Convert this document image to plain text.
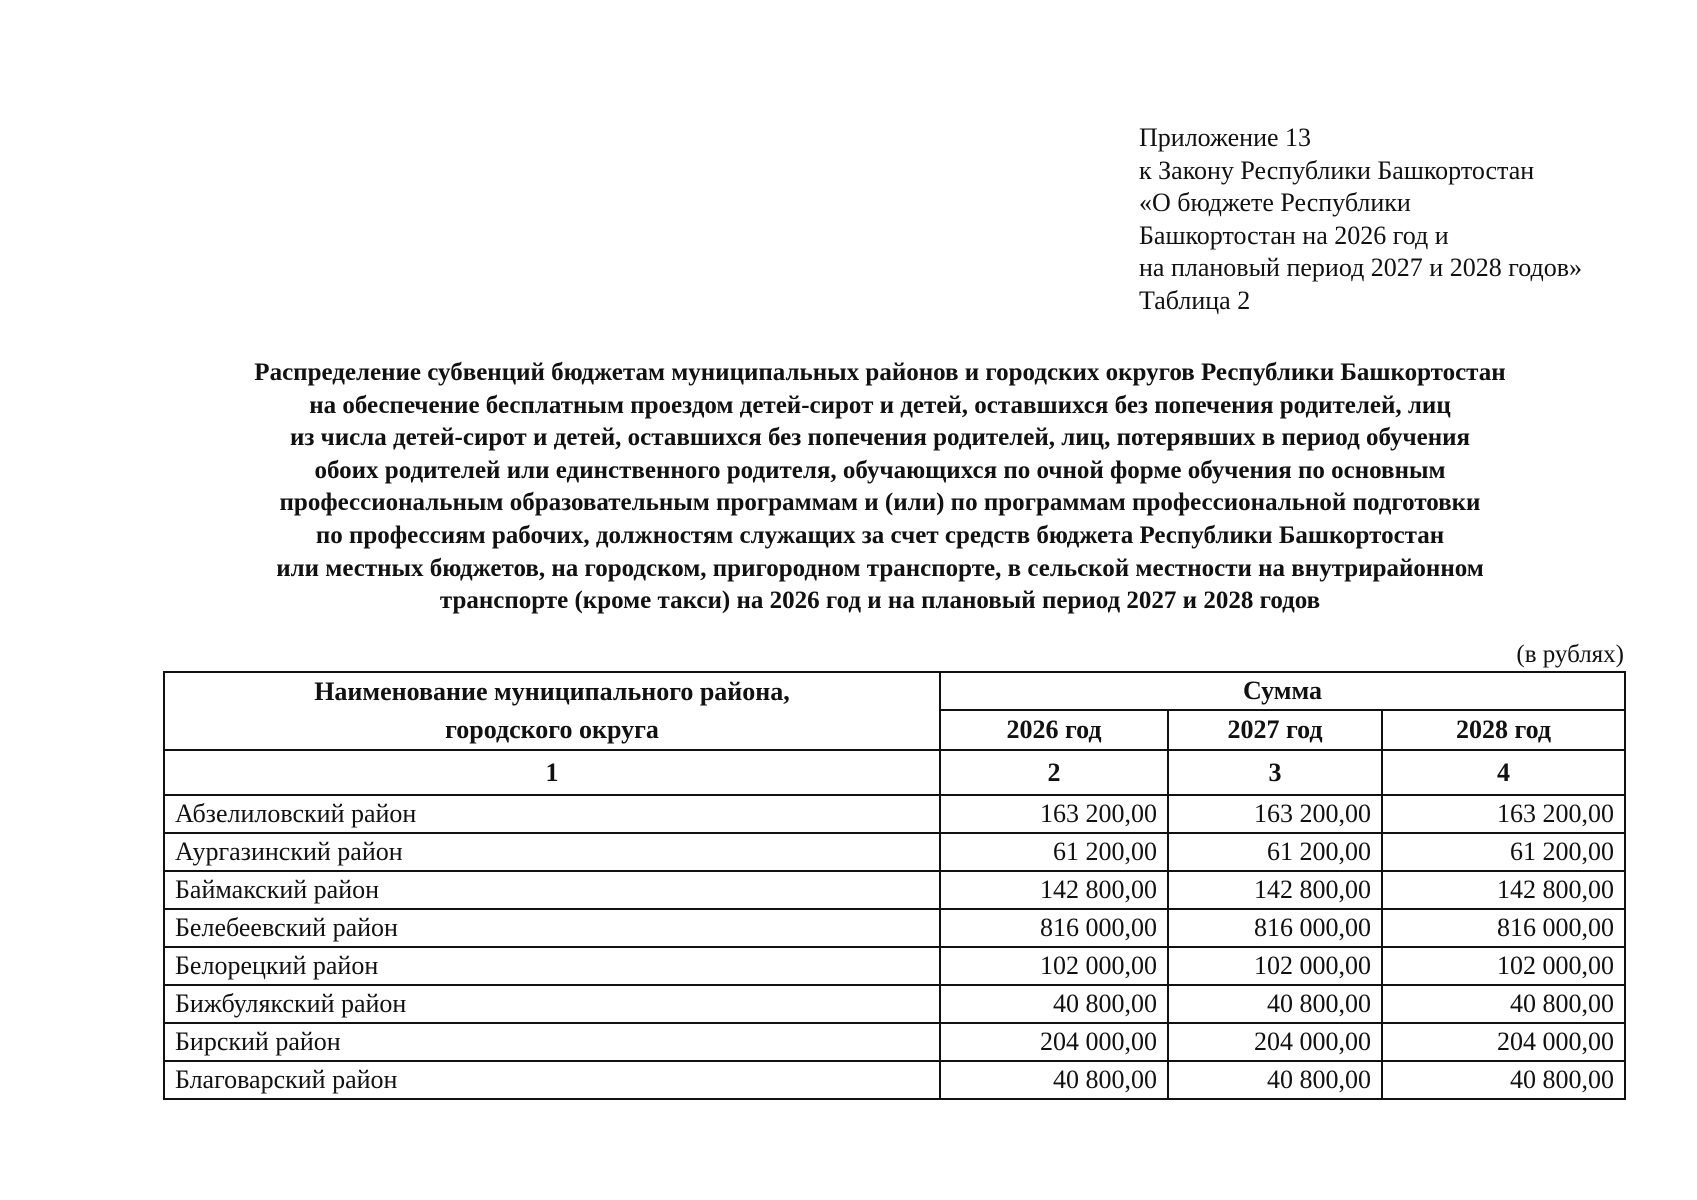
Приложение 13
к Закону Республики Башкортостан
«О бюджете Республики
Башкортостан на 2026 год и
на плановый период 2027 и 2028 годов»
Таблица 2
Распределение субвенций бюджетам муниципальных районов и городских округов Республики Башкортостан
на обеспечение бесплатным проездом детей-сирот и детей, оставшихся без попечения родителей, лиц
из числа детей-сирот и детей, оставшихся без попечения родителей, лиц, потерявших в период обучения
обоих родителей или единственного родителя, обучающихся по очной форме обучения по основным
профессиональным образовательным программам и (или) по программам профессиональной подготовки
по профессиям рабочих, должностям служащих за счет средств бюджета Республики Башкортостан
или местных бюджетов, на городском, пригородном транспорте, в сельской местности на внутрирайонном
транспорте (кроме такси) на 2026 год и на плановый период 2027 и 2028 годов
(в рублях)
Наименование муниципального района,
городского округа	Сумма		
	2026 год	2027 год	2028 год
1	2	3	4
Абзелиловский район	163 200,00	163 200,00	163 200,00
Аургазинский район	61 200,00	61 200,00	61 200,00
Баймакский район	142 800,00	142 800,00	142 800,00
Белебеевский район	816 000,00	816 000,00	816 000,00
Белорецкий район	102 000,00	102 000,00	102 000,00
Бижбулякский район	40 800,00	40 800,00	40 800,00
Бирский район	204 000,00	204 000,00	204 000,00
Благоварский район	40 800,00	40 800,00	40 800,00
